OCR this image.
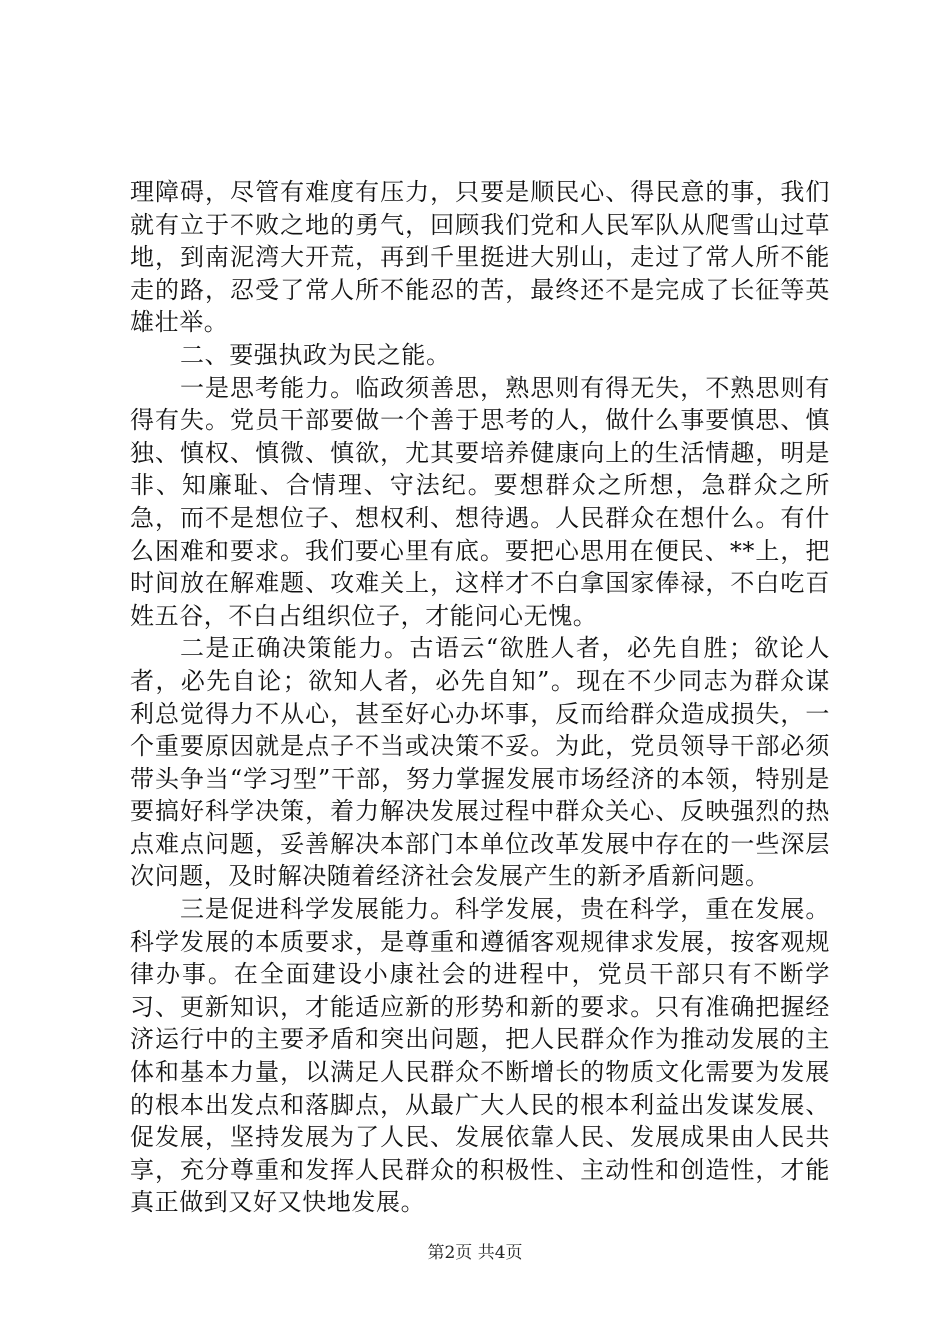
理障碍，尽管有难度有压力，只要是顺民心、得民意的事，我们就有立于不败之地的勇气，回顾我们党和人民军队从爬雪山过草地，到南泥湾大开荒，再到千里挺进大别山，走过了常人所不能走的路，忍受了常人所不能忍的苦，最终还不是完成了长征等英雄壮举。

二、要强执政为民之能。

一是思考能力。临政须善思，熟思则有得无失，不熟思则有得有失。党员干部要做一个善于思考的人，做什么事要慎思、慎独、慎权、慎微、慎欲，尤其要培养健康向上的生活情趣，明是非、知廉耻、合情理、守法纪。要想群众之所想，急群众之所急，而不是想位子、想权利、想待遇。人民群众在想什么。有什么困难和要求。我们要心里有底。要把心思用在便民、**上，把时间放在解难题、攻难关上，这样才不白拿国家俸禄，不白吃百姓五谷，不白占组织位子，才能问心无愧。

二是正确决策能力。古语云“欲胜人者，必先自胜；欲论人者，必先自论；欲知人者，必先自知”。现在不少同志为群众谋利总觉得力不从心，甚至好心办坏事，反而给群众造成损失，一个重要原因就是点子不当或决策不妥。为此，党员领导干部必须带头争当“学习型”干部，努力掌握发展市场经济的本领，特别是要搞好科学决策，着力解决发展过程中群众关心、反映强烈的热点难点问题，妥善解决本部门本单位改革发展中存在的一些深层次问题，及时解决随着经济社会发展产生的新矛盾新问题。

三是促进科学发展能力。科学发展，贵在科学，重在发展。科学发展的本质要求，是尊重和遵循客观规律求发展，按客观规律办事。在全面建设小康社会的进程中，党员干部只有不断学习、更新知识，才能适应新的形势和新的要求。只有准确把握经济运行中的主要矛盾和突出问题，把人民群众作为推动发展的主体和基本力量，以满足人民群众不断增长的物质文化需要为发展的根本出发点和落脚点，从最广大人民的根本利益出发谋发展、促发展，坚持发展为了人民、发展依靠人民、发展成果由人民共享，充分尊重和发挥人民群众的积极性、主动性和创造性，才能真正做到又好又快地发展。

第2页 共4页
